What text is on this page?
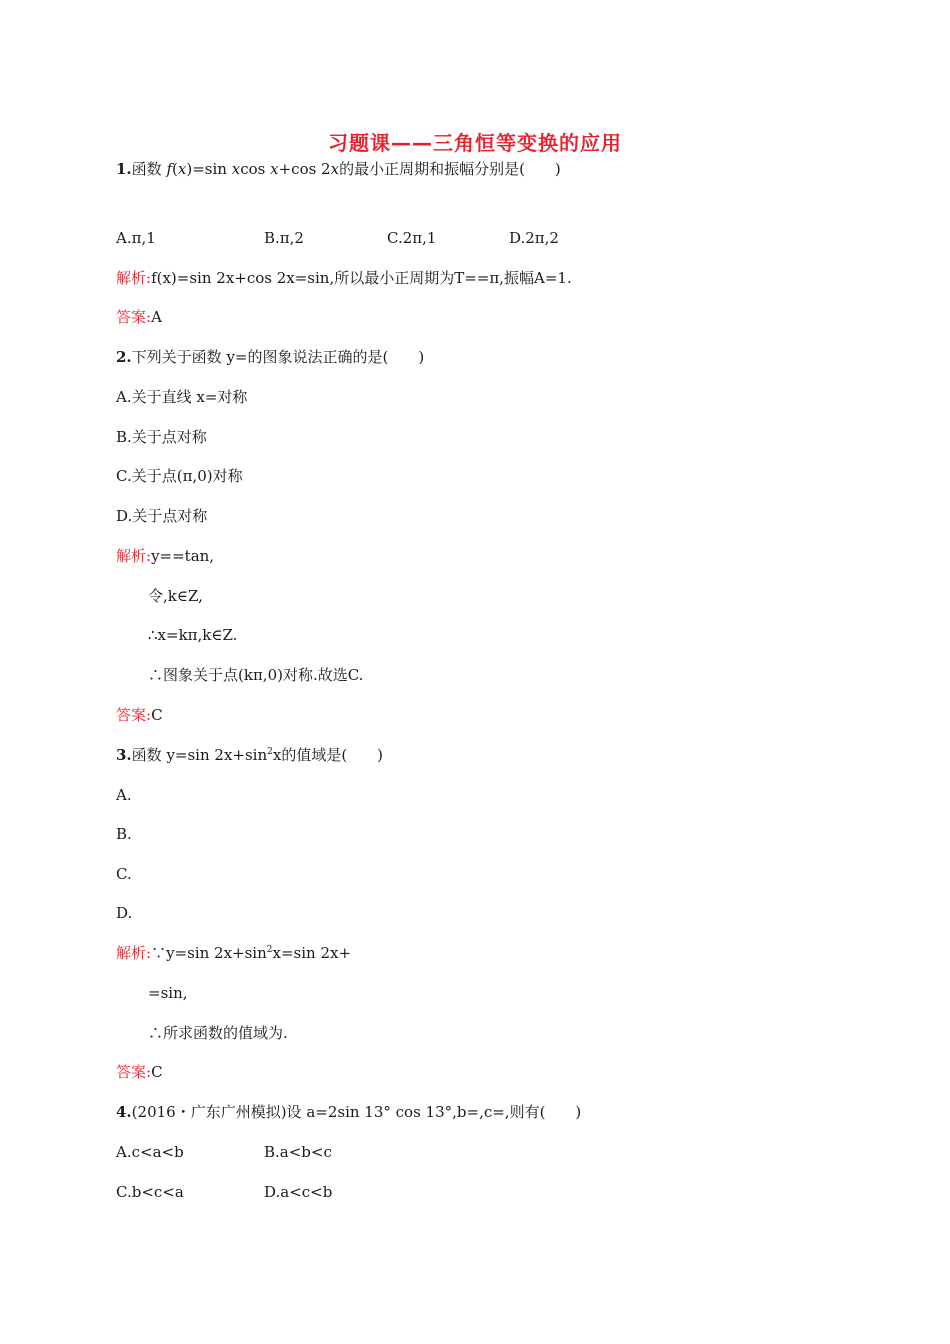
习题课——三角恒等变换的应用
1.函数 f(x)=sin xcos x+cos 2x的最小正周期和振幅分别是(　　)
A.π,1	B.π,2	C.2π,1	D.2π,2
解析:f(x)=sin 2x+cos 2x=sin,所以最小正周期为T==π,振幅A=1.
答案:A
2.下列关于函数 y=的图象说法正确的是(　　)
A.关于直线 x=对称
B.关于点对称
C.关于点(π,0)对称
D.关于点对称
解析:y==tan,
令,k∈Z,
∴x=kπ,k∈Z.
∴图象关于点(kπ,0)对称.故选C.
答案:C
3.函数 y=sin $2x+\sin^2x$的值域是(　　)
A.
B.
C.
D.
解析:∵y=sin $2x+\sin^2x=\sin$ 2x+
=sin,
∴所求函数的值域为.
答案:C
4.(2016・广东广州模拟)设 a=2sin 13° cos 13°,b=,c=,则有(　　)
A.c<a<b	B.a<b<c
C.b<c<a	D.a<c<b
